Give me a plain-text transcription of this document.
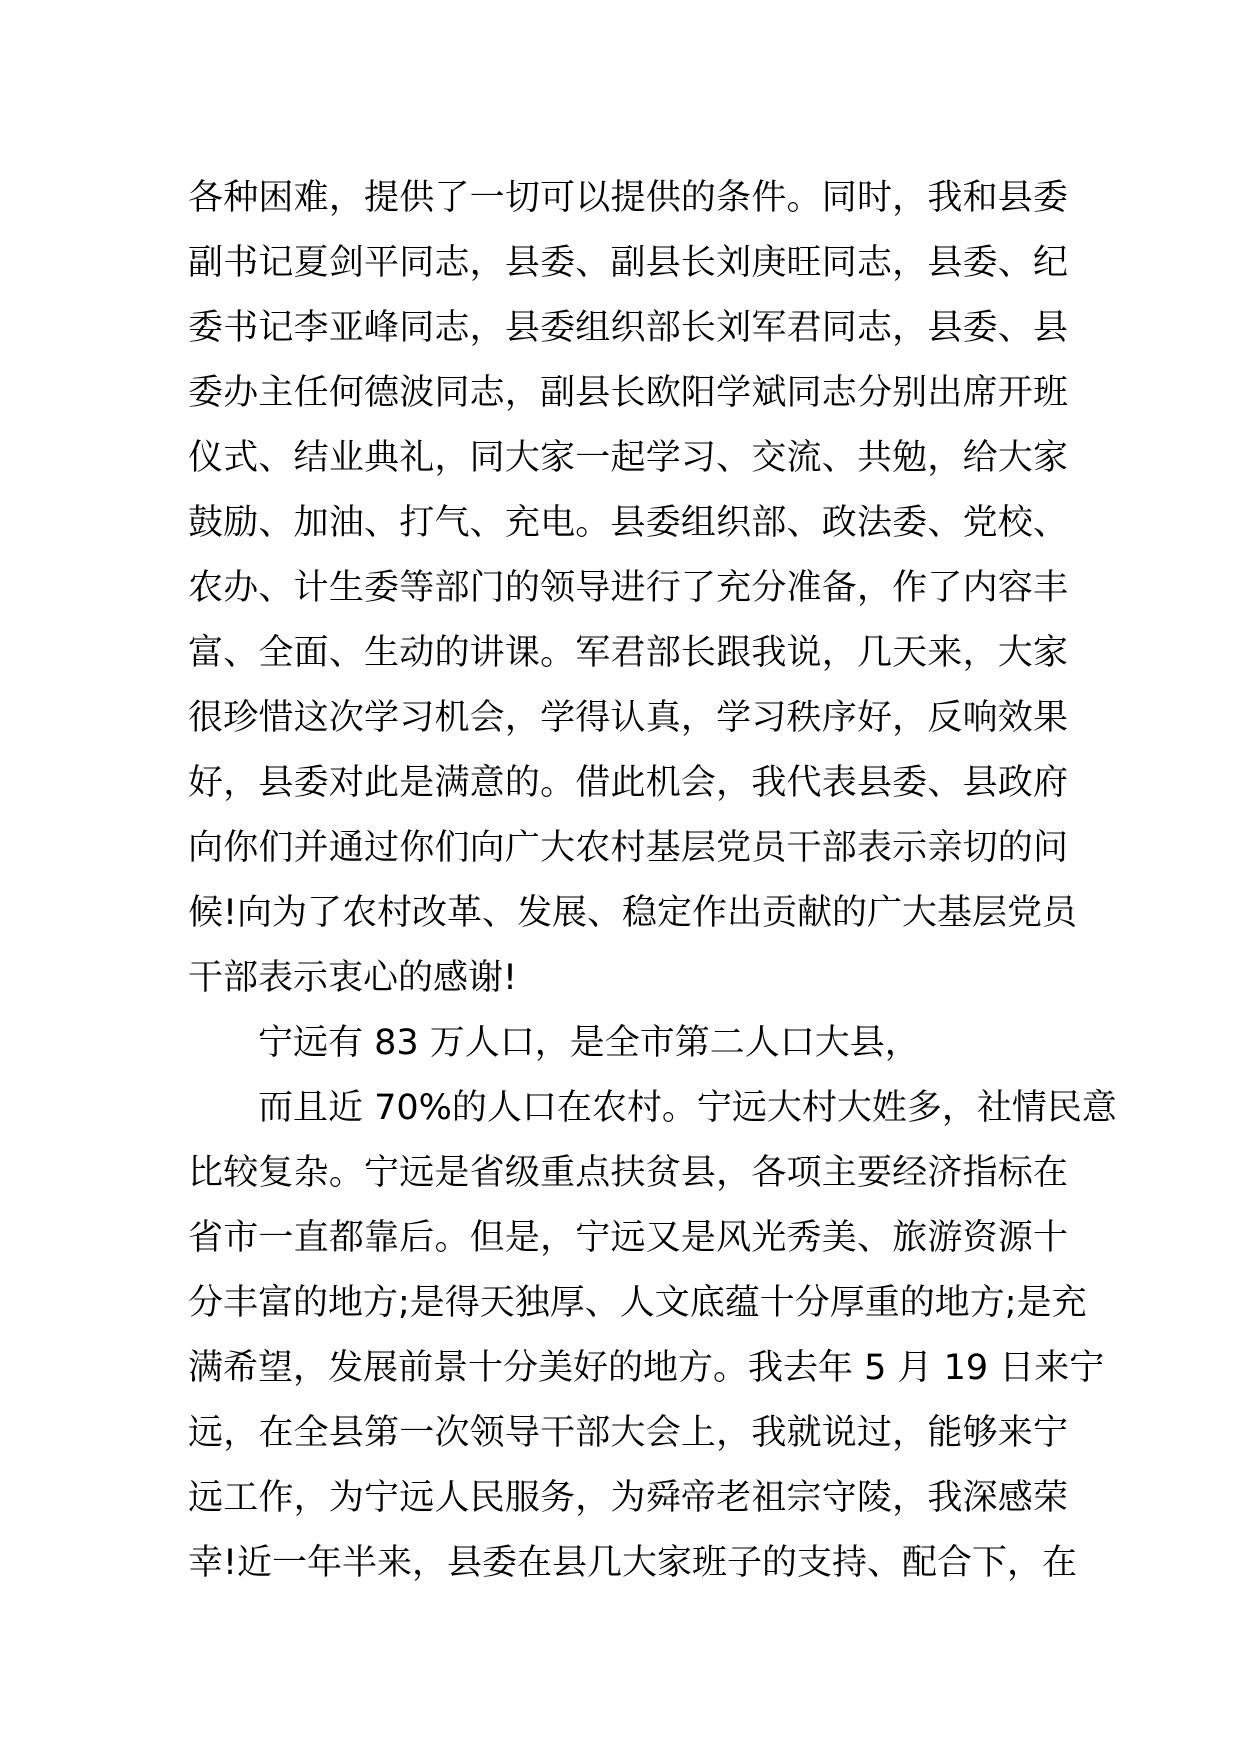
各种困难，提供了一切可以提供的条件。同时，我和县委
副书记夏剑平同志，县委、副县长刘庚旺同志，县委、纪
委书记李亚峰同志，县委组织部长刘军君同志，县委、县
委办主任何德波同志，副县长欧阳学斌同志分别出席开班
仪式、结业典礼，同大家一起学习、交流、共勉，给大家
鼓励、加油、打气、充电。县委组织部、政法委、党校、
农办、计生委等部门的领导进行了充分准备，作了内容丰
富、全面、生动的讲课。军君部长跟我说，几天来，大家
很珍惜这次学习机会，学得认真，学习秩序好，反响效果
好，县委对此是满意的。借此机会，我代表县委、县政府
向你们并通过你们向广大农村基层党员干部表示亲切的问
候!向为了农村改革、发展、稳定作出贡献的广大基层党员
干部表示衷心的感谢!
宁远有 83 万人口，是全市第二人口大县，
而且近 70%的人口在农村。宁远大村大姓多，社情民意
比较复杂。宁远是省级重点扶贫县，各项主要经济指标在
省市一直都靠后。但是，宁远又是风光秀美、旅游资源十
分丰富的地方;是得天独厚、人文底蕴十分厚重的地方;是充
满希望，发展前景十分美好的地方。我去年 5 月 19 日来宁
远，在全县第一次领导干部大会上，我就说过，能够来宁
远工作，为宁远人民服务，为舜帝老祖宗守陵，我深感荣
幸!近一年半来，县委在县几大家班子的支持、配合下，在
